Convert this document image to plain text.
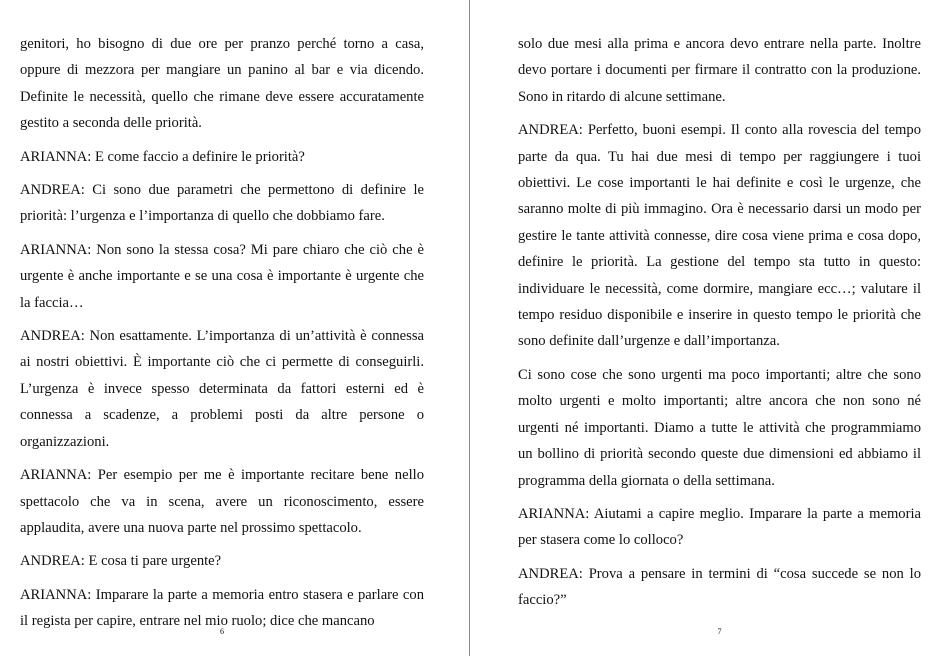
genitori, ho bisogno di due ore per pranzo perché torno a casa, oppure di mezzora per mangiare un panino al bar e via dicendo. Definite le necessità, quello che rimane deve essere accuratamente gestito a seconda delle priorità.

ARIANNA: E come faccio a definire le priorità?

ANDREA: Ci sono due parametri che permettono di definire le priorità: l’urgenza e l’importanza di quello che dobbiamo fare.

ARIANNA: Non sono la stessa cosa? Mi pare chiaro che ciò che è urgente è anche importante e se una cosa è importante è urgente che la faccia…

ANDREA: Non esattamente. L’importanza di un’attività è connessa ai nostri obiettivi. È importante ciò che ci permette di conseguirli. L’urgenza è invece spesso determinata da fattori esterni ed è connessa a scadenze, a problemi posti da altre persone o organizzazioni.

ARIANNA: Per esempio per me è importante recitare bene nello spettacolo che va in scena, avere un riconoscimento, essere applaudita, avere una nuova parte nel prossimo spettacolo.

ANDREA: E cosa ti pare urgente?

ARIANNA: Imparare la parte a memoria entro stasera e parlare con il regista per capire, entrare nel mio ruolo; dice che mancano

6

solo due mesi alla prima e ancora devo entrare nella parte. Inoltre devo portare i documenti per firmare il contratto con la produzione. Sono in ritardo di alcune settimane.

ANDREA: Perfetto, buoni esempi. Il conto alla rovescia del tempo parte da qua. Tu hai due mesi di tempo per raggiungere i tuoi obiettivi. Le cose importanti le hai definite e così le urgenze, che saranno molte di più immagino. Ora è necessario darsi un modo per gestire le tante attività connesse, dire cosa viene prima e cosa dopo, definire le priorità. La gestione del tempo sta tutto in questo: individuare le necessità, come dormire, mangiare ecc…; valutare il tempo residuo disponibile e inserire in questo tempo le priorità che sono definite dall’urgenze e dall’importanza.

Ci sono cose che sono urgenti ma poco importanti; altre che sono molto urgenti e molto importanti; altre ancora che non sono né urgenti né importanti. Diamo a tutte le attività che programmiamo un bollino di priorità secondo queste due dimensioni ed abbiamo il programma della giornata o della settimana.

ARIANNA: Aiutami a capire meglio. Imparare la parte a memoria per stasera come lo colloco?

ANDREA: Prova a pensare in termini di “cosa succede se non lo faccio?”

7
